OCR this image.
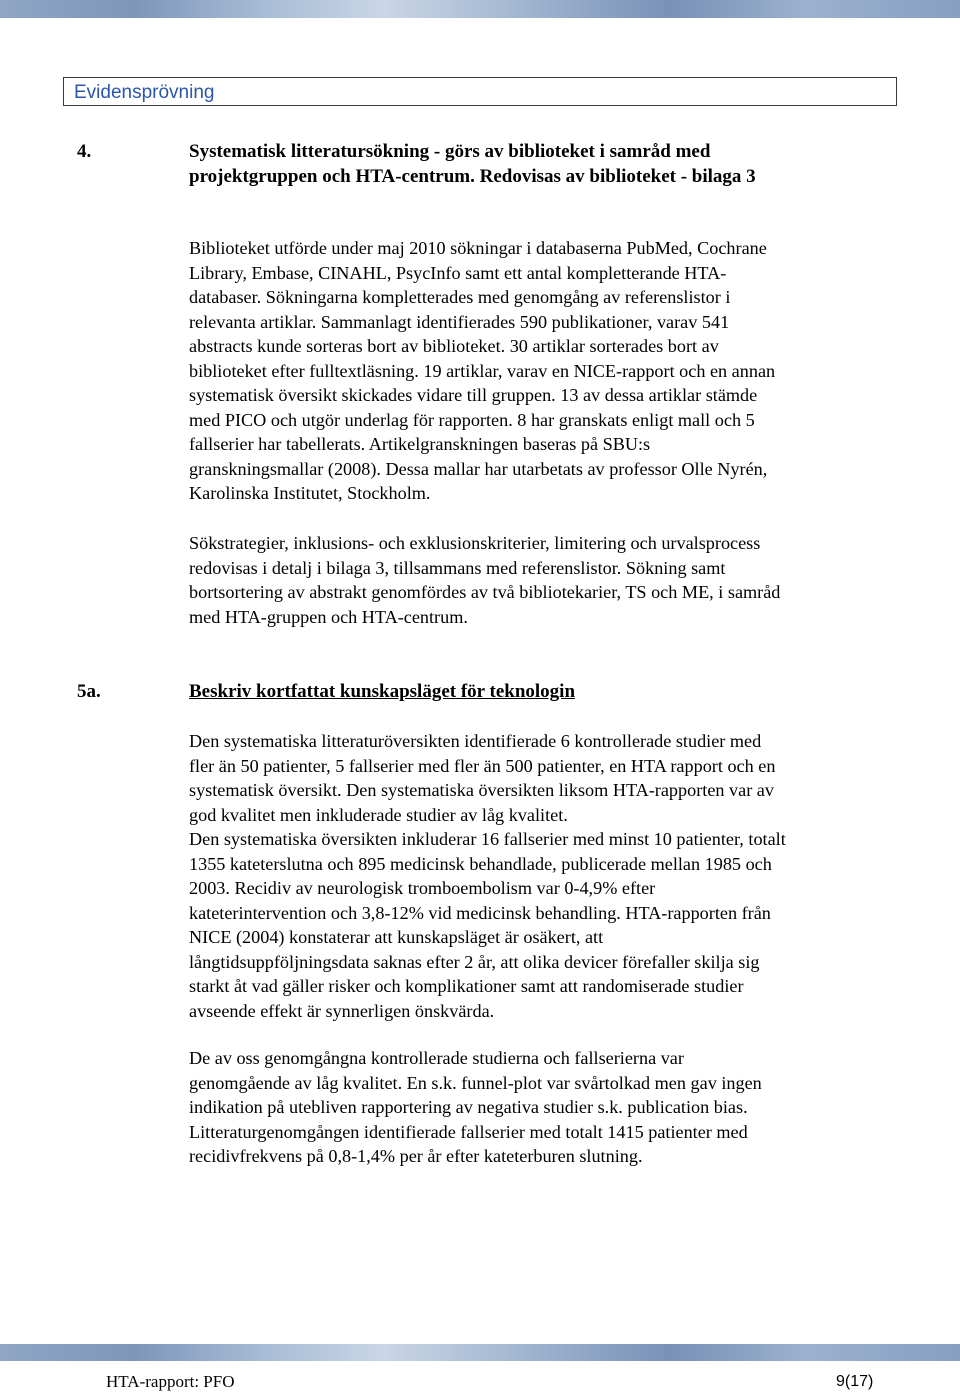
Evidensprövning
4.	Systematisk litteratursökning - görs av biblioteket i samråd med
projektgruppen och HTA-centrum. Redovisas av biblioteket - bilaga 3
Biblioteket utförde under maj 2010 sökningar i databaserna PubMed, Cochrane
Library, Embase, CINAHL, PsycInfo samt ett antal kompletterande HTA-
databaser. Sökningarna kompletterades med genomgång av referenslistor i
relevanta artiklar. Sammanlagt identifierades 590 publikationer, varav 541
abstracts kunde sorteras bort av biblioteket. 30 artiklar sorterades bort av
biblioteket efter fulltextläsning. 19 artiklar, varav en NICE-rapport och en annan
systematisk översikt skickades vidare till gruppen. 13 av dessa artiklar stämde
med PICO och utgör underlag för rapporten. 8 har granskats enligt mall och 5
fallserier har tabellerats. Artikelgranskningen baseras på SBU:s
granskningsmallar (2008). Dessa mallar har utarbetats av professor Olle Nyrén,
Karolinska Institutet, Stockholm.
Sökstrategier, inklusions- och exklusionskriterier, limitering och urvalsprocess
redovisas i detalj i bilaga 3, tillsammans med referenslistor. Sökning samt
bortsortering av abstrakt genomfördes av två bibliotekarier, TS och ME, i samråd
med HTA-gruppen och HTA-centrum.
5a.	Beskriv kortfattat kunskapsläget för teknologin
Den systematiska litteraturöversikten identifierade 6 kontrollerade studier med
fler än 50 patienter, 5 fallserier med fler än 500 patienter, en HTA rapport och en
systematisk översikt. Den systematiska översikten liksom HTA-rapporten var av
god kvalitet men inkluderade studier av låg kvalitet.
Den systematiska översikten inkluderar 16 fallserier med minst 10 patienter, totalt
1355 kateterslutna och 895 medicinsk behandlade, publicerade mellan 1985 och
2003. Recidiv av neurologisk tromboembolism var 0-4,9% efter
kateterintervention och 3,8-12% vid medicinsk behandling. HTA-rapporten från
NICE (2004) konstaterar att kunskapsläget är osäkert, att
långtidsuppföljningsdata saknas efter 2 år, att olika devicer förefaller skilja sig
starkt åt vad gäller risker och komplikationer samt att randomiserade studier
avseende effekt är synnerligen önskvärda.
De av oss genomgångna kontrollerade studierna och fallserierna var
genomgående av låg kvalitet. En s.k. funnel-plot var svårtolkad men gav ingen
indikation på utebliven rapportering av negativa studier s.k. publication bias.
Litteraturgenomgången identifierade fallserier med totalt 1415 patienter med
recidivfrekvens på 0,8-1,4% per år efter kateterburen slutning.
HTA-rapport: PFO	9(17)
